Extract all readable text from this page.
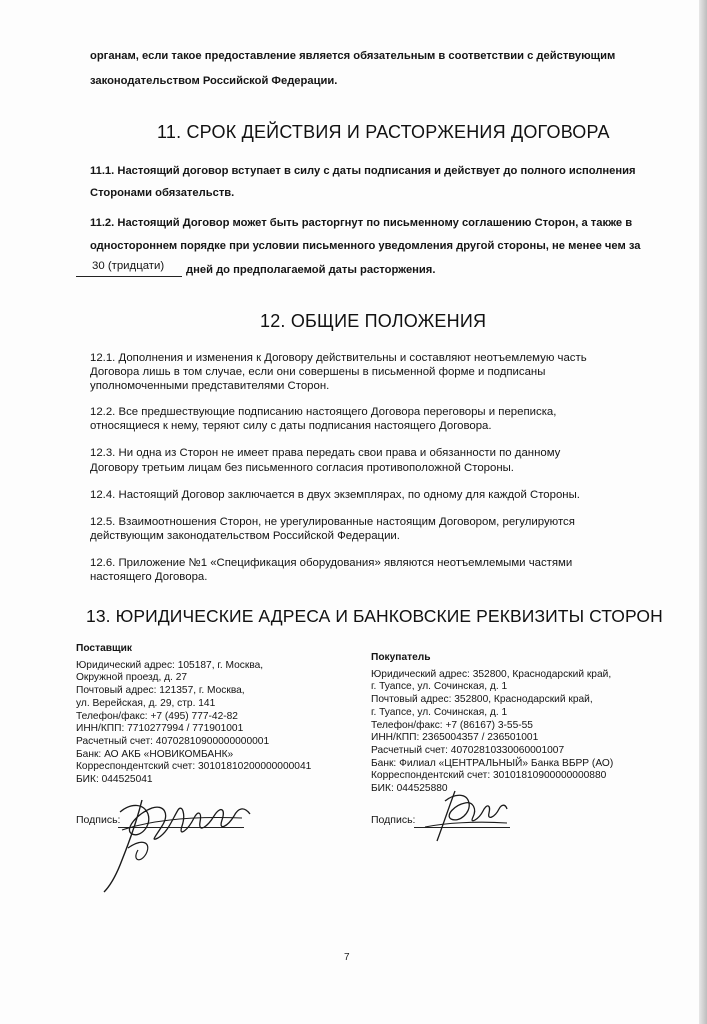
органам, если такое предоставление является обязательным в соответствии с действующим
законодательством Российской Федерации.
11. СРОК ДЕЙСТВИЯ И РАСТОРЖЕНИЯ ДОГОВОРА
11.1. Настоящий договор вступает в силу с даты подписания и действует до полного исполнения
Сторонами обязательств.
11.2. Настоящий Договор может быть расторгнут по письменному соглашению Сторон, а также в
одностороннем порядке при условии письменного уведомления другой стороны, не менее чем за
30 (тридцати) дней до предполагаемой даты расторжения.
12. ОБЩИЕ ПОЛОЖЕНИЯ
12.1. Дополнения и изменения к Договору действительны и составляют неотъемлемую часть
Договора лишь в том случае, если они совершены в письменной форме и подписаны
уполномоченными представителями Сторон.
12.2. Все предшествующие подписанию настоящего Договора переговоры и переписка,
относящиеся к нему, теряют силу с даты подписания настоящего Договора.
12.3. Ни одна из Сторон не имеет права передать свои права и обязанности по данному
Договору третьим лицам без письменного согласия противоположной Стороны.
12.4. Настоящий Договор заключается в двух экземплярах, по одному для каждой Стороны.
12.5. Взаимоотношения Сторон, не урегулированные настоящим Договором, регулируются
действующим законодательством Российской Федерации.
12.6. Приложение №1 «Спецификация оборудования» являются неотъемлемыми частями
настоящего Договора.
13. ЮРИДИЧЕСКИЕ АДРЕСА И БАНКОВСКИЕ РЕКВИЗИТЫ СТОРОН
Поставщик
Юридический адрес: 105187, г. Москва,
Окружной проезд, д. 27
Почтовый адрес: 121357, г. Москва,
ул. Верейская, д. 29, стр. 141
Телефон/факс: +7 (495) 777-42-82
ИНН/КПП: 7710277994 / 771901001
Расчетный счет: 40702810900000000001
Банк: АО АКБ «НОВИКОМБАНК»
Корреспондентский счет: 30101810200000000041
БИК: 044525041
Покупатель
Юридический адрес: 352800, Краснодарский край,
г. Туапсе, ул. Сочинская, д. 1
Почтовый адрес: 352800, Краснодарский край,
г. Туапсе, ул. Сочинская, д. 1
Телефон/факс: +7 (86167) 3-55-55
ИНН/КПП: 2365004357 / 236501001
Расчетный счет: 40702810330060001007
Банк: Филиал «ЦЕНТРАЛЬНЫЙ» Банка ВБРР (АО)
Корреспондентский счет: 30101810900000000880
БИК: 044525880
Подпись:	Подпись:
7
